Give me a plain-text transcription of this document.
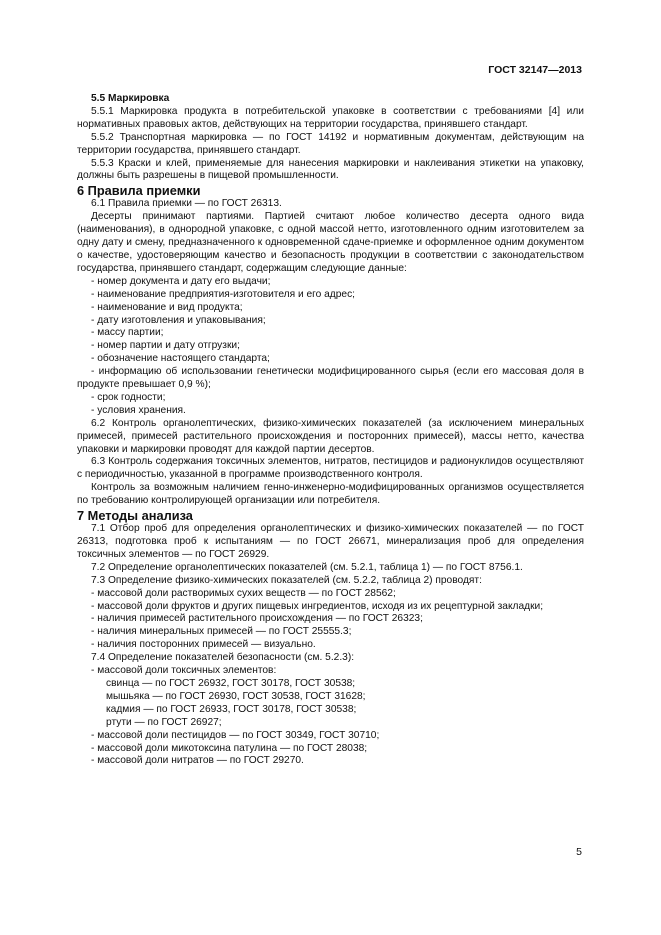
ГОСТ 32147—2013

5.5 Маркировка

5.5.1 Маркировка продукта в потребительской упаковке в соответствии с требованиями [4] или нормативных правовых актов, действующих на территории государства, принявшего стандарт.

5.5.2 Транспортная маркировка — по ГОСТ 14192 и нормативным документам, действующим на территории государства, принявшего стандарт.

5.5.3 Краски и клей, применяемые для нанесения маркировки и наклеивания этикетки на упаковку, должны быть разрешены в пищевой промышленности.

6 Правила приемки

6.1 Правила приемки — по ГОСТ 26313.

Десерты принимают партиями. Партией считают любое количество десерта одного вида (наименования), в однородной упаковке, с одной массой нетто, изготовленного одним изготовителем за одну дату и смену, предназначенного к одновременной сдаче-приемке и оформленное одним документом о качестве, удостоверяющим качество и безопасность продукции в соответствии с законодательством государства, принявшего стандарт, содержащим следующие данные:

- номер документа и дату его выдачи;

- наименование предприятия-изготовителя и его адрес;

- наименование и вид продукта;

- дату изготовления и упаковывания;

- массу партии;

- номер партии и дату отгрузки;

- обозначение настоящего стандарта;

- информацию об использовании генетически модифицированного сырья (если его массовая доля в продукте превышает 0,9 %);

- срок годности;

- условия хранения.

6.2 Контроль органолептических, физико-химических показателей (за исключением минеральных примесей, примесей растительного происхождения и посторонних примесей), массы нетто, качества упаковки и маркировки проводят для каждой партии десертов.

6.3 Контроль содержания токсичных элементов, нитратов, пестицидов и радионуклидов осуществляют с периодичностью, указанной в программе производственного контроля.

Контроль за возможным наличием генно-инженерно-модифицированных организмов осуществляется по требованию контролирующей организации или потребителя.

7 Методы анализа

7.1 Отбор проб для определения органолептических и физико-химических показателей — по ГОСТ 26313, подготовка проб к испытаниям — по ГОСТ 26671, минерализация проб для определения токсичных элементов — по ГОСТ 26929.

7.2 Определение органолептических показателей (см. 5.2.1, таблица 1) — по ГОСТ 8756.1.

7.3 Определение физико-химических показателей (см. 5.2.2, таблица 2) проводят:

- массовой доли растворимых сухих веществ — по ГОСТ 28562;

- массовой доли фруктов и других пищевых ингредиентов, исходя из их рецептурной закладки;

- наличия примесей растительного происхождения — по ГОСТ 26323;

- наличия минеральных примесей — по ГОСТ 25555.3;

- наличия посторонних примесей — визуально.

7.4 Определение показателей безопасности (см. 5.2.3):

- массовой доли токсичных элементов:

свинца — по ГОСТ 26932, ГОСТ 30178, ГОСТ 30538;

мышьяка — по ГОСТ 26930, ГОСТ 30538, ГОСТ 31628;

кадмия — по ГОСТ 26933, ГОСТ 30178, ГОСТ 30538;

ртути — по ГОСТ 26927;

- массовой доли пестицидов — по ГОСТ 30349, ГОСТ 30710;

- массовой доли микотоксина патулина — по ГОСТ 28038;

- массовой доли нитратов — по ГОСТ 29270.

5
